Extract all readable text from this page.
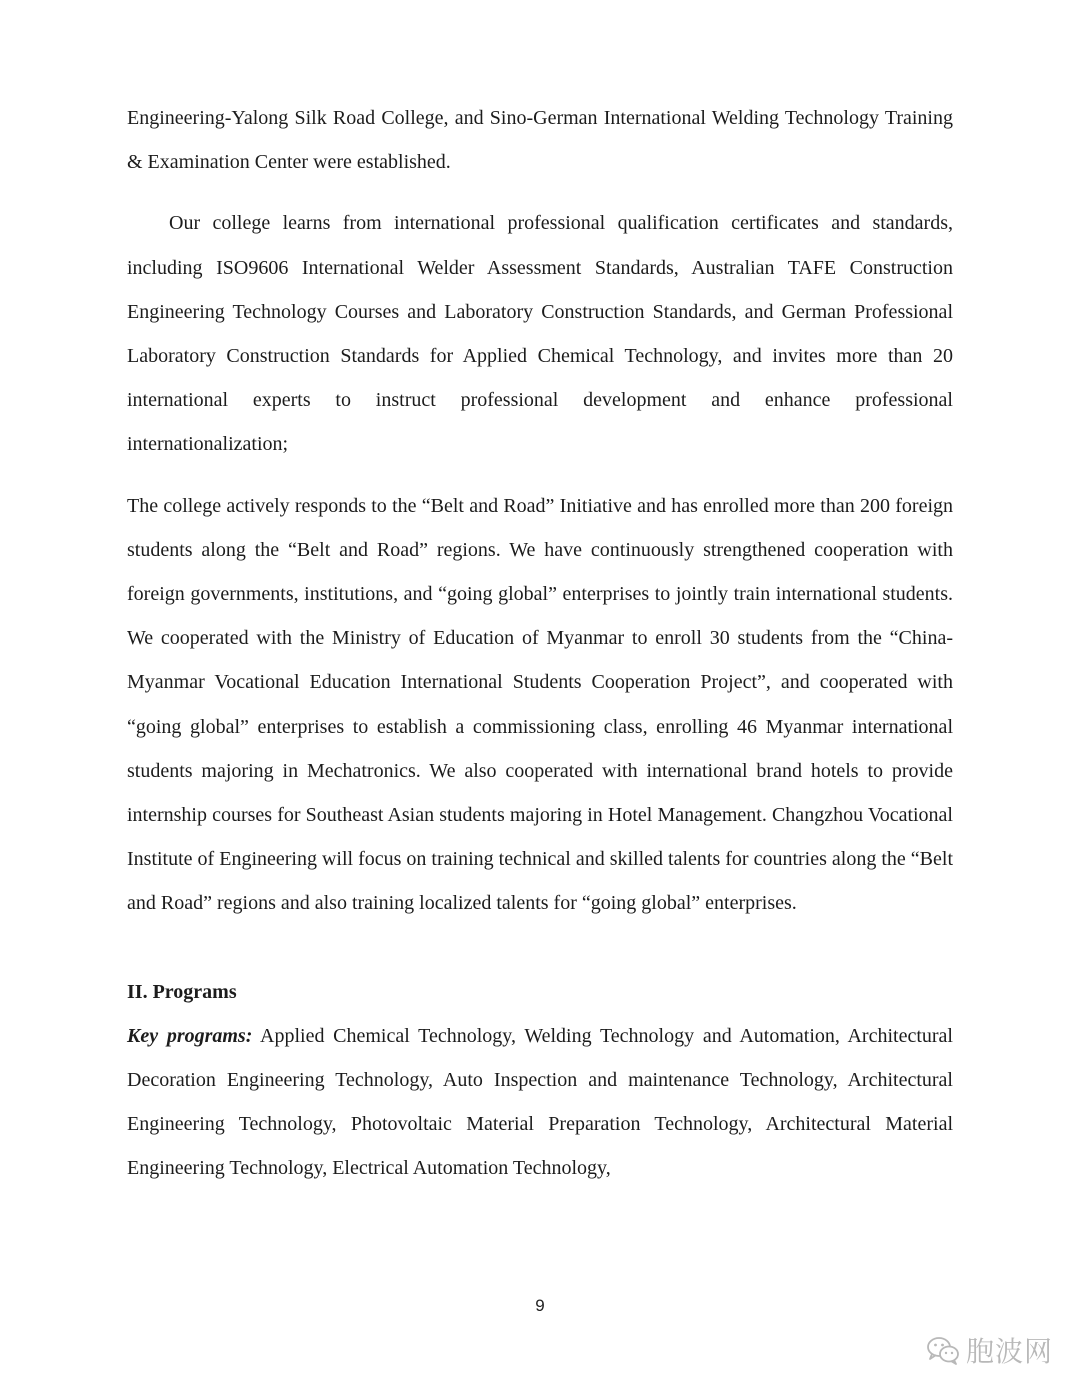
Engineering-Yalong Silk Road College, and Sino-German International Welding Technology Training & Examination Center were established.

Our college learns from international professional qualification certificates and standards, including ISO9606 International Welder Assessment Standards, Australian TAFE Construction Engineering Technology Courses and Laboratory Construction Standards, and German Professional Laboratory Construction Standards for Applied Chemical Technology, and invites more than 20 international experts to instruct professional development and enhance professional internationalization;

The college actively responds to the “Belt and Road” Initiative and has enrolled more than 200 foreign students along the “Belt and Road” regions. We have continuously strengthened cooperation with foreign governments, institutions, and “going global” enterprises to jointly train international students. We cooperated with the Ministry of Education of Myanmar to enroll 30 students from the “China-Myanmar Vocational Education International Students Cooperation Project”, and cooperated with “going global” enterprises to establish a commissioning class, enrolling 46 Myanmar international students majoring in Mechatronics. We also cooperated with international brand hotels to provide internship courses for Southeast Asian students majoring in Hotel Management. Changzhou Vocational Institute of Engineering will focus on training technical and skilled talents for countries along the “Belt and Road” regions and also training localized talents for “going global” enterprises.

II. Programs

Key programs: Applied Chemical Technology, Welding Technology and Automation, Architectural Decoration Engineering Technology, Auto Inspection and maintenance Technology, Architectural Engineering Technology, Photovoltaic Material Preparation Technology, Architectural Material Engineering Technology, Electrical Automation Technology,

9
胞波网
